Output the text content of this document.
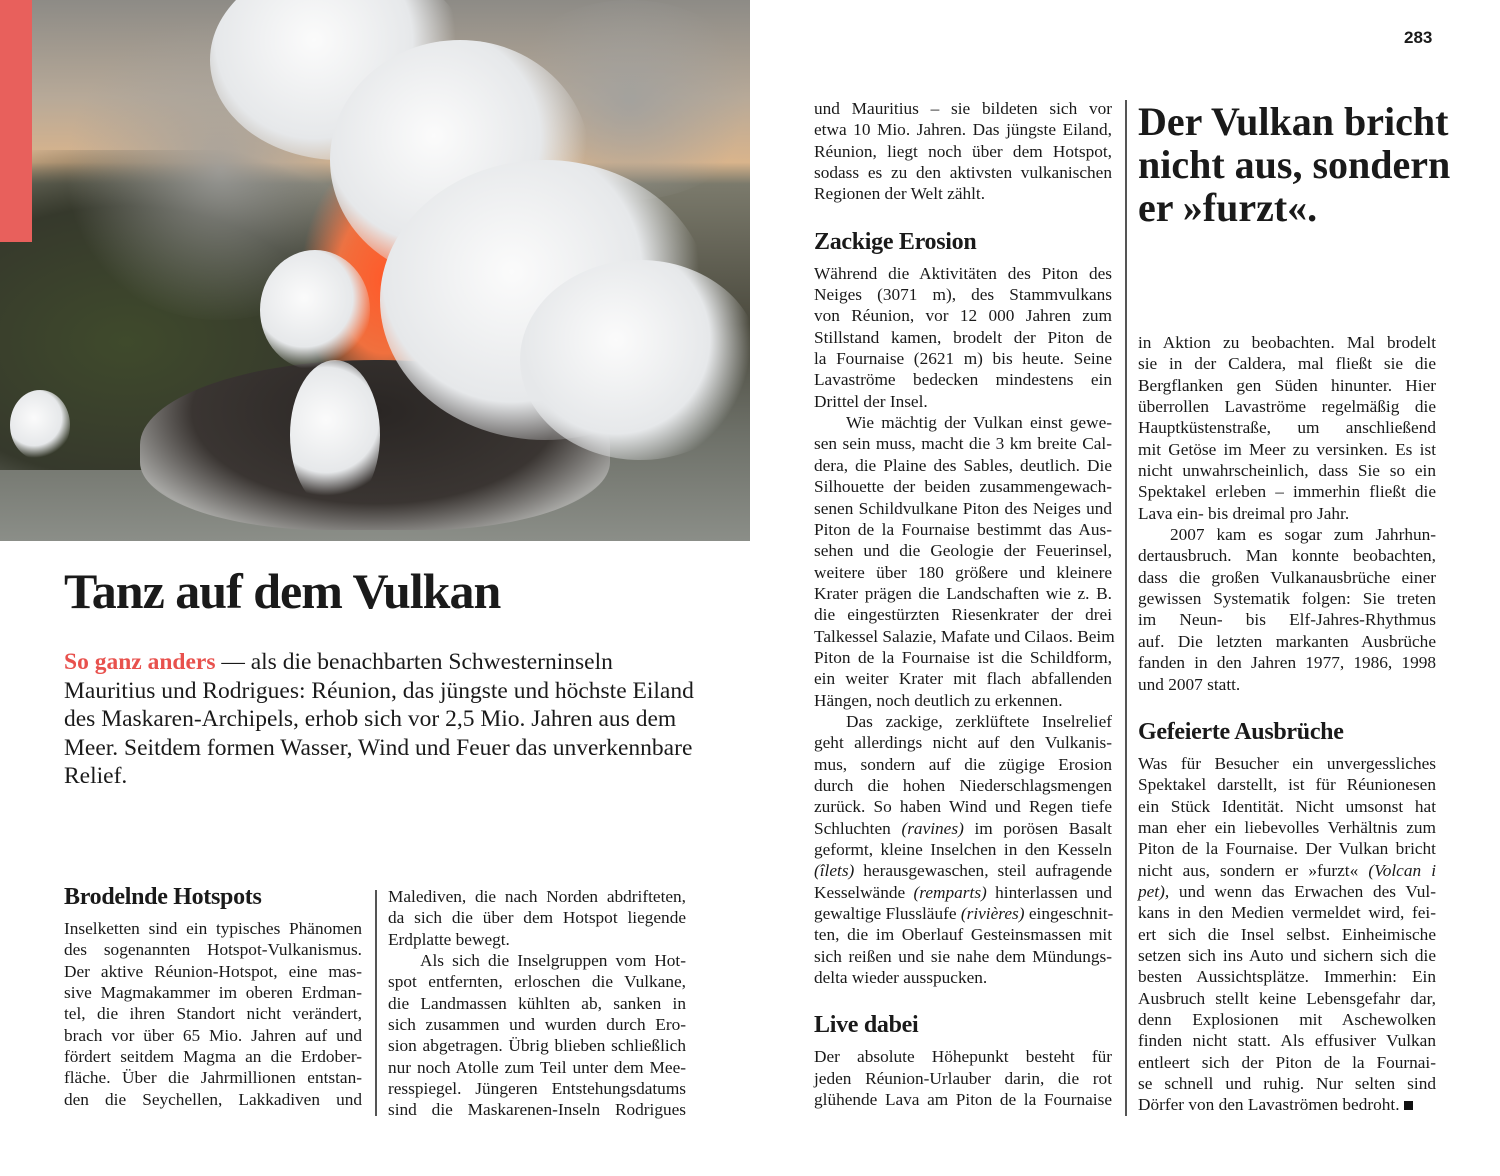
283
Tanz auf dem Vulkan

So ganz anders — als die benachbarten Schwesterninseln Mauritius und Rodrigues: Réunion, das jüngste und höchste Eiland des Maskaren-Archipels, erhob sich vor 2,5 Mio. Jahren aus dem Meer. Seitdem formen Wasser, Wind und Feuer das unverkennbare Relief.

Der Vulkan bricht nicht aus, sondern er »furzt«.
Brodelnde Hotspots
Inselketten sind ein typisches Phänomen
des sogenannten Hotspot-Vulkanismus.
Der aktive Réunion-Hotspot, eine mas-
sive Magmakammer im oberen Erdman-
tel, die ihren Standort nicht verändert,
brach vor über 65 Mio. Jahren auf und
fördert seitdem Magma an die Erdober-
fläche. Über die Jahrmillionen entstan-
den die Seychellen, Lakkadiven und
Malediven, die nach Norden abdrifteten,
da sich die über dem Hotspot liegende
Erdplatte bewegt.
Als sich die Inselgruppen vom Hot-
spot entfernten, erloschen die Vulkane,
die Landmassen kühlten ab, sanken in
sich zusammen und wurden durch Ero-
sion abgetragen. Übrig blieben schließlich
nur noch Atolle zum Teil unter dem Mee-
resspiegel. Jüngeren Entstehungsdatums
sind die Maskarenen-Inseln Rodrigues
und Mauritius – sie bildeten sich vor
etwa 10 Mio. Jahren. Das jüngste Eiland,
Réunion, liegt noch über dem Hotspot,
sodass es zu den aktivsten vulkanischen
Regionen der Welt zählt.
Zackige Erosion
Während die Aktivitäten des Piton des
Neiges (3071 m), des Stammvulkans
von Réunion, vor 12 000 Jahren zum
Stillstand kamen, brodelt der Piton de
la Fournaise (2621 m) bis heute. Seine
Lavaströme bedecken mindestens ein
Drittel der Insel.
Wie mächtig der Vulkan einst gewe-
sen sein muss, macht die 3 km breite Cal-
dera, die Plaine des Sables, deutlich. Die
Silhouette der beiden zusammengewach-
senen Schildvulkane Piton des Neiges und
Piton de la Fournaise bestimmt das Aus-
sehen und die Geologie der Feuerinsel,
weitere über 180 größere und kleinere
Krater prägen die Landschaften wie z. B.
die eingestürzten Riesenkrater der drei
Talkessel Salazie, Mafate und Cilaos. Beim
Piton de la Fournaise ist die Schildform,
ein weiter Krater mit flach abfallenden
Hängen, noch deutlich zu erkennen.
Das zackige, zerklüftete Inselrelief
geht allerdings nicht auf den Vulkanis-
mus, sondern auf die zügige Erosion
durch die hohen Niederschlagsmengen
zurück. So haben Wind und Regen tiefe
Schluchten (ravines) im porösen Basalt
geformt, kleine Inselchen in den Kesseln
(îlets) herausgewaschen, steil aufragende
Kesselwände (remparts) hinterlassen und
gewaltige Flussläufe (rivières) eingeschnit-
ten, die im Oberlauf Gesteinsmassen mit
sich reißen und sie nahe dem Mündungs-
delta wieder ausspucken.
Live dabei
Der absolute Höhepunkt besteht für
jeden Réunion-Urlauber darin, die rot
glühende Lava am Piton de la Fournaise
in Aktion zu beobachten. Mal brodelt
sie in der Caldera, mal fließt sie die
Bergflanken gen Süden hinunter. Hier
überrollen Lavaströme regelmäßig die
Hauptküstenstraße, um anschließend
mit Getöse im Meer zu versinken. Es ist
nicht unwahrscheinlich, dass Sie so ein
Spektakel erleben – immerhin fließt die
Lava ein- bis dreimal pro Jahr.
2007 kam es sogar zum Jahrhun-
dertausbruch. Man konnte beobachten,
dass die großen Vulkanausbrüche einer
gewissen Systematik folgen: Sie treten
im Neun- bis Elf-Jahres-Rhythmus
auf. Die letzten markanten Ausbrüche
fanden in den Jahren 1977, 1986, 1998
und 2007 statt.
Gefeierte Ausbrüche
Was für Besucher ein unvergessliches
Spektakel darstellt, ist für Réunionesen
ein Stück Identität. Nicht umsonst hat
man eher ein liebevolles Verhältnis zum
Piton de la Fournaise. Der Vulkan bricht
nicht aus, sondern er »furzt« (Volcan i
pet), und wenn das Erwachen des Vul-
kans in den Medien vermeldet wird, fei-
ert sich die Insel selbst. Einheimische
setzen sich ins Auto und sichern sich die
besten Aussichtsplätze. Immerhin: Ein
Ausbruch stellt keine Lebensgefahr dar,
denn Explosionen mit Aschewolken
finden nicht statt. Als effusiver Vulkan
entleert sich der Piton de la Fournai-
se schnell und ruhig. Nur selten sind
Dörfer von den Lavaströmen bedroht.
